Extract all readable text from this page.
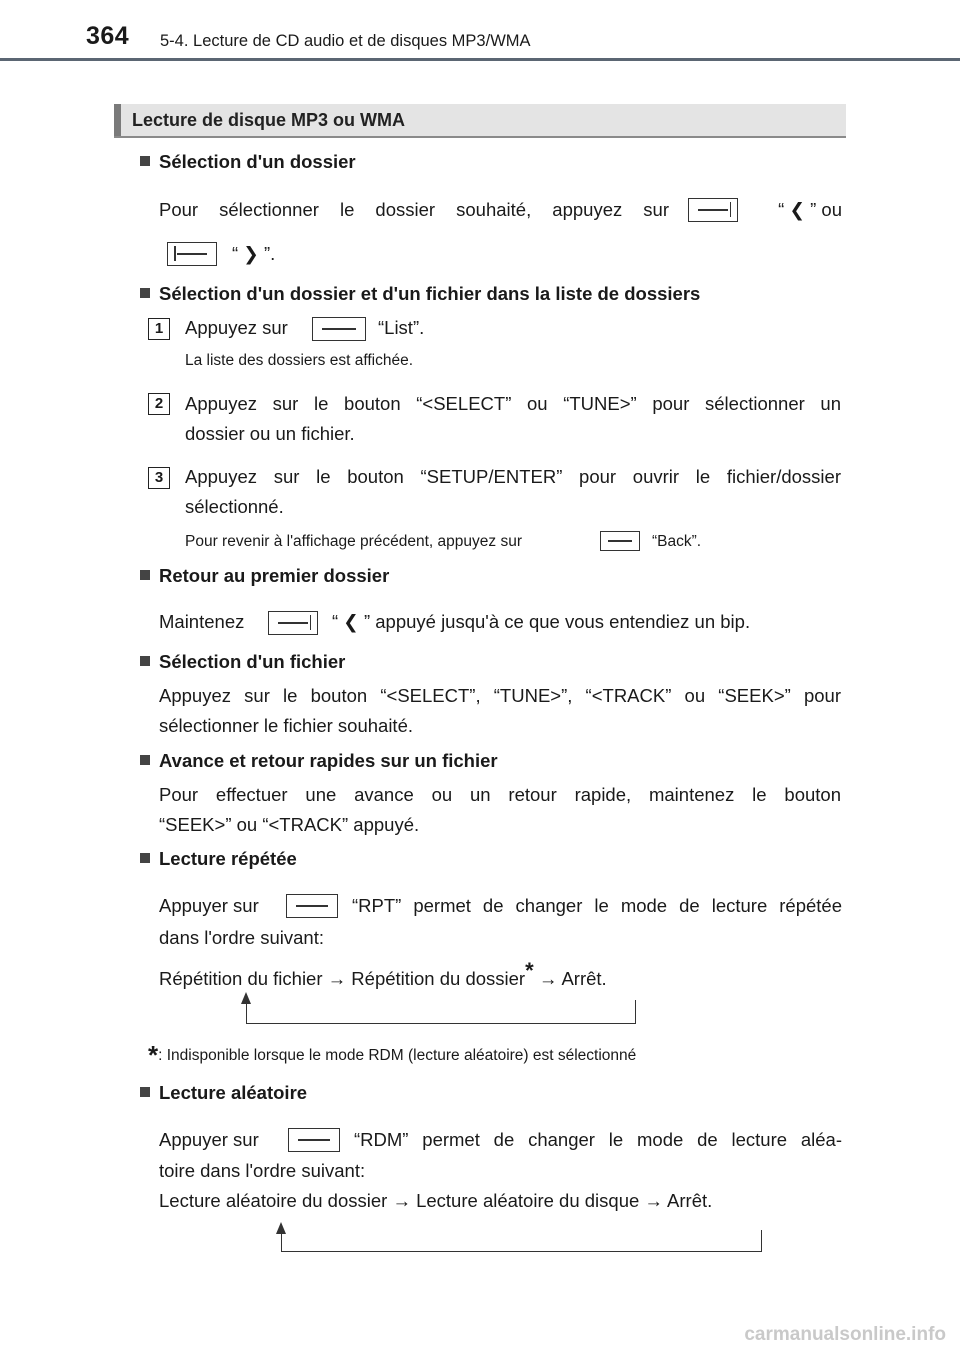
364 5-4. Lecture de CD audio et de disques MP3/WMA
Lecture de disque MP3 ou WMA
Sélection d'un dossier
Pour sélectionner le dossier souhaité, appuyez sur	“ ❮ ” ou
“ ❯ ”.
Sélection d'un dossier et d'un fichier dans la liste de dossiers
1	Appuyez sur	“List”.
La liste des dossiers est affichée.
2	Appuyez sur le bouton “<SELECT” ou “TUNE>” pour sélectionner un
dossier ou un fichier.
3	Appuyez sur le bouton “SETUP/ENTER” pour ouvrir le fichier/dossier
sélectionné.
Pour revenir à l'affichage précédent, appuyez sur	“Back”.
Retour au premier dossier
Maintenez	“ ❮ ” appuyé jusqu'à ce que vous entendiez un bip.
Sélection d'un fichier
Appuyez sur le bouton “<SELECT”, “TUNE>”, “<TRACK” ou “SEEK>” pour
sélectionner le fichier souhaité.
Avance et retour rapides sur un fichier
Pour effectuer une avance ou un retour rapide, maintenez le bouton
“SEEK>” ou “<TRACK” appuyé.
Lecture répétée
Appuyer sur	“RPT” permet de changer le mode de lecture répétée
dans l'ordre suivant:
Répétition du fichier → Répétition du dossier* → Arrêt.
*: Indisponible lorsque le mode RDM (lecture aléatoire) est sélectionné
Lecture aléatoire
Appuyer sur	“RDM” permet de changer le mode de lecture aléa-
toire dans l'ordre suivant:
Lecture aléatoire du dossier → Lecture aléatoire du disque → Arrêt.
carmanualsonline.info
